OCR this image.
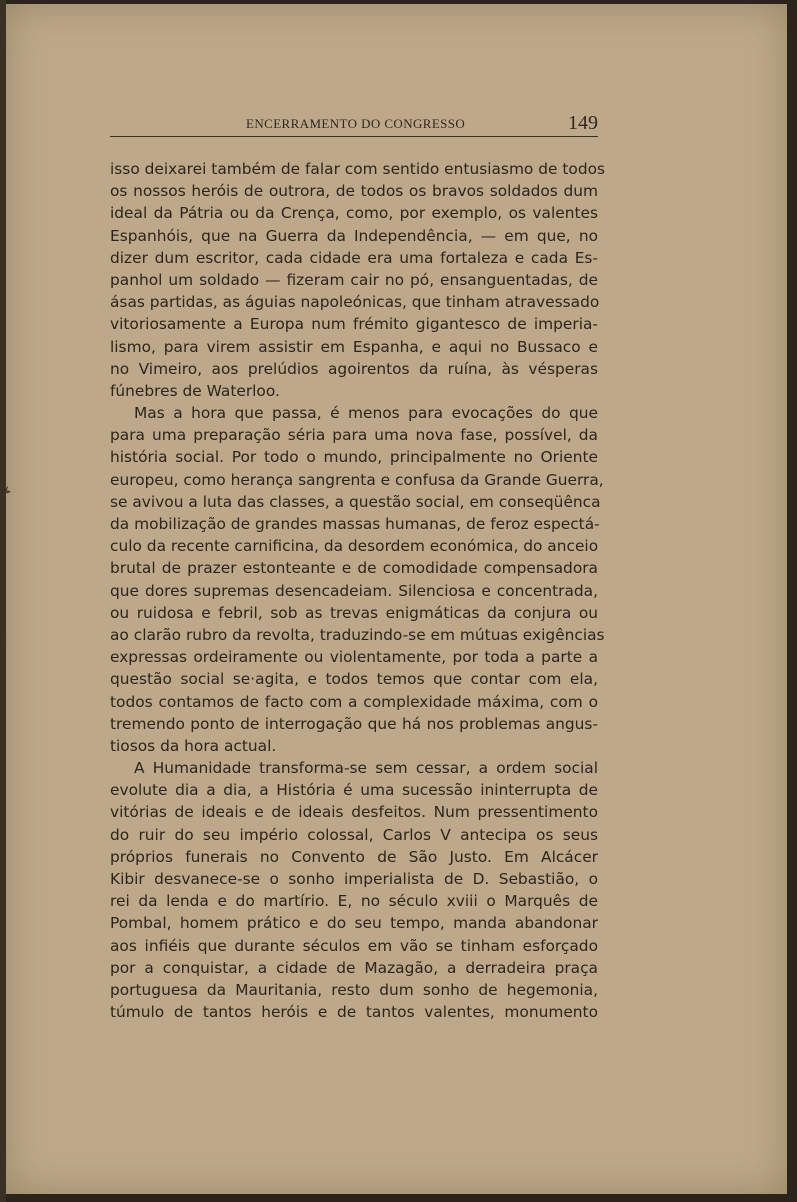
ENCERRAMENTO DO CONGRESSO	149
⊁
–
isso deixarei também de falar com sentido entusiasmo de todos
os nossos heróis de outrora, de todos os bravos soldados dum
ideal da Pátria ou da Crença, como, por exemplo, os valentes
Espanhóis, que na Guerra da Independência, — em que, no
dizer dum escritor, cada cidade era uma fortaleza e cada Es-
panhol um soldado — fizeram cair no pó, ensanguentadas, de
ásas partidas, as águias napoleónicas, que tinham atravessado
vitoriosamente a Europa num frémito gigantesco de imperia-
lismo, para virem assistir em Espanha, e aqui no Bussaco e
no Vimeiro, aos prelúdios agoirentos da ruína, às vésperas
fúnebres de Waterloo.
Mas a hora que passa, é menos para evocações do que
para uma preparação séria para uma nova fase, possível, da
história social. Por todo o mundo, principalmente no Oriente
europeu, como herança sangrenta e confusa da Grande Guerra,
se avivou a luta das classes, a questão social, em conseqüênca
da mobilização de grandes massas humanas, de feroz espectá-
culo da recente carnificina, da desordem económica, do anceio
brutal de prazer estonteante e de comodidade compensadora
que dores supremas desencadeiam. Silenciosa e concentrada,
ou ruidosa e febril, sob as trevas enigmáticas da conjura ou
ao clarão rubro da revolta, traduzindo-se em mútuas exigências
expressas ordeiramente ou violentamente, por toda a parte a
questão social se·agita, e todos temos que contar com ela,
todos contamos de facto com a complexidade máxima, com o
tremendo ponto de interrogação que há nos problemas angus-
tiosos da hora actual.
A Humanidade transforma-se sem cessar, a ordem social
evolute dia a dia, a História é uma sucessão ininterrupta de
vitórias de ideais e de ideais desfeitos. Num pressentimento
do ruir do seu império colossal, Carlos V antecipa os seus
próprios funerais no Convento de São Justo. Em Alcácer
Kibir desvanece-se o sonho imperialista de D. Sebastião, o
rei da lenda e do martírio. E, no século xviii o Marquês de
Pombal, homem prático e do seu tempo, manda abandonar
aos infiéis que durante séculos em vão se tinham esforçado
por a conquistar, a cidade de Mazagão, a derradeira praça
portuguesa da Mauritania, resto dum sonho de hegemonia,
túmulo de tantos heróis e de tantos valentes, monumento
